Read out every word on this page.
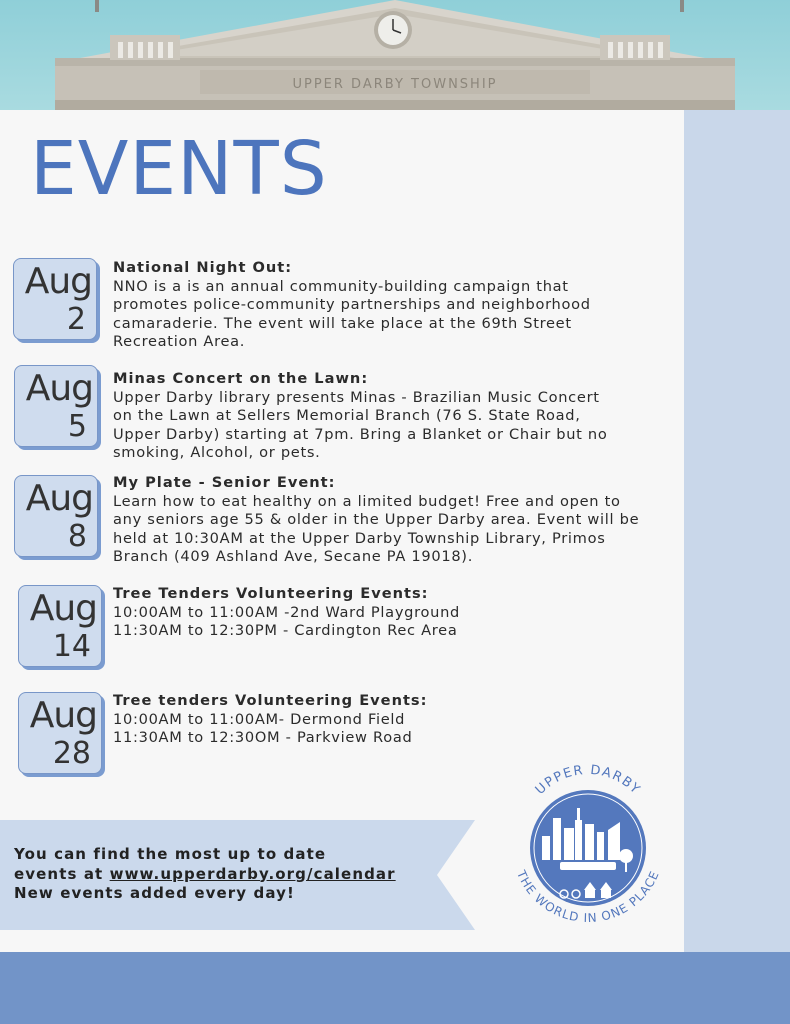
UPPER DARBY TOWNSHIP
EVENTS
Aug
2
National Night Out:
NNO is a is an annual community-building campaign that
promotes police-community partnerships and neighborhood
camaraderie. The event will take place at the 69th Street
Recreation Area.
Aug
5
Minas Concert on the Lawn:
Upper Darby library presents Minas - Brazilian Music Concert
on the Lawn at Sellers Memorial Branch (76 S. State Road,
Upper Darby) starting at 7pm. Bring a Blanket or Chair but no
smoking, Alcohol, or pets.
Aug
8
My Plate - Senior Event:
Learn how to eat healthy on a limited budget! Free and open to
any seniors age 55 & older in the Upper Darby area. Event will be
held at 10:30AM at the Upper Darby Township Library, Primos
Branch (409 Ashland Ave, Secane PA 19018).
Aug
14
Tree Tenders Volunteering Events:
10:00AM to 11:00AM -2nd Ward Playground
11:30AM to 12:30PM - Cardington Rec Area
Aug
28
Tree tenders Volunteering Events:
10:00AM to 11:00AM- Dermond Field
11:30AM to 12:30OM - Parkview Road
You can find the most up to date
events at www.upperdarby.org/calendar
New events added every day!
UPPER DARBY
THE WORLD IN ONE PLACE
